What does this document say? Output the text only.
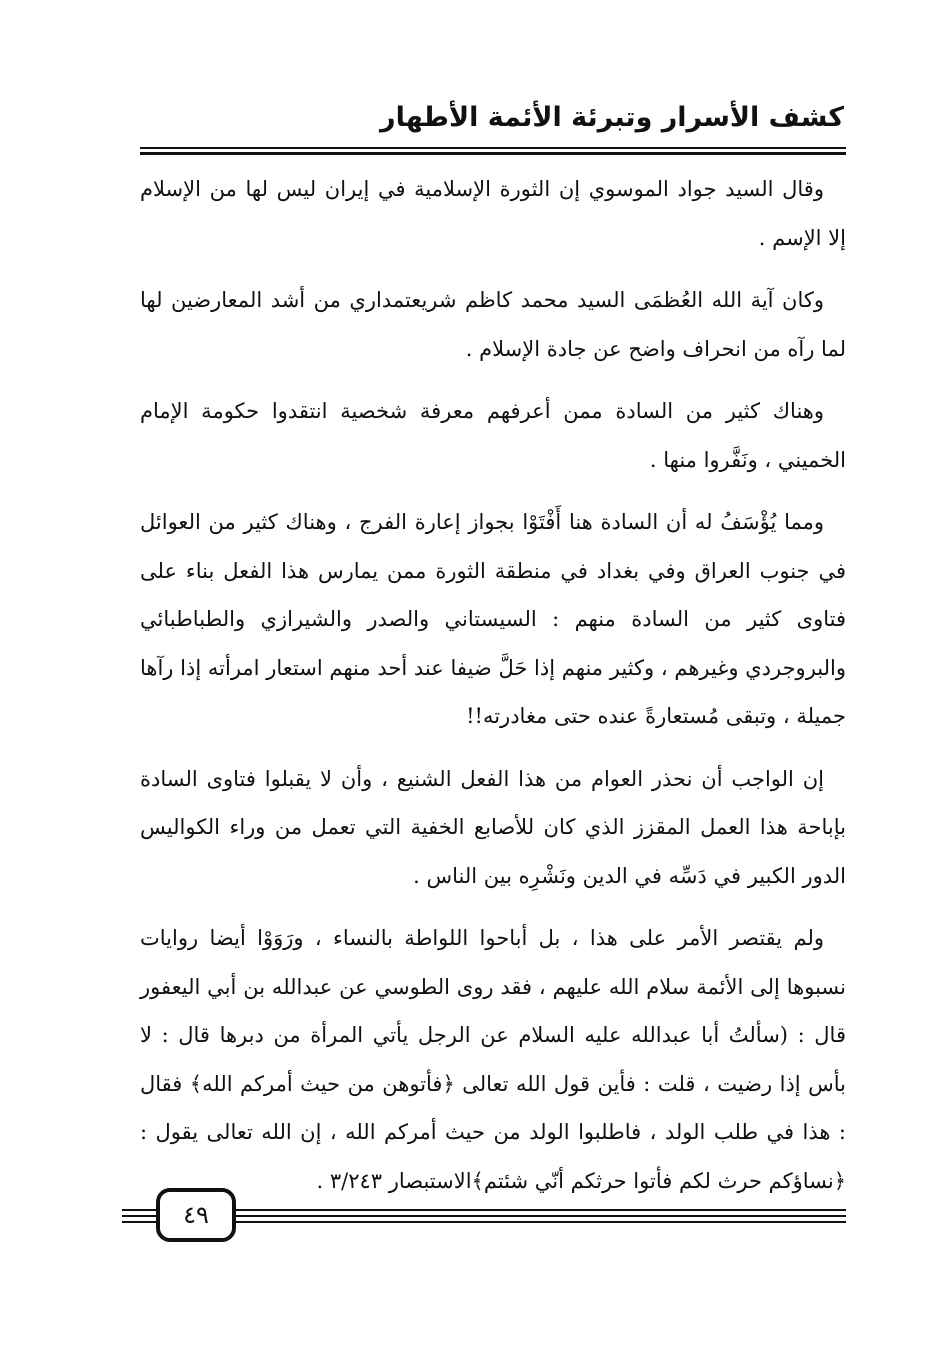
كشف الأسرار وتبرئة الأئمة الأطهار

وقال السيد جواد الموسوي إن الثورة الإسلامية في إيران ليس لها من الإسلام إلا الإسم .

وكان آية الله العُظمَى السيد محمد كاظم شريعتمداري من أشد المعارضين لها لما رآه من انحراف واضح عن جادة الإسلام .

وهناك كثير من السادة ممن أعرفهم معرفة شخصية انتقدوا حكومة الإمام الخميني ، ونَفَّروا منها .

ومما يُؤْسَفُ له أن السادة هنا أَفْتَوْا بجواز إعارة الفرج ، وهناك كثير من العوائل في جنوب العراق وفي بغداد في منطقة الثورة ممن يمارس هذا الفعل بناء على فتاوى كثير من السادة منهم : السيستاني والصدر والشيرازي والطباطبائي والبروجردي وغيرهم ، وكثير منهم إذا حَلَّ ضيفا عند أحد منهم استعار امرأته إذا رآها جميلة ، وتبقى مُستعارةً عنده حتى مغادرته!!

إن الواجب أن نحذر العوام من هذا الفعل الشنيع ، وأن لا يقبلوا فتاوى السادة بإباحة هذا العمل المقزز الذي كان للأصابع الخفية التي تعمل من وراء الكواليس الدور الكبير في دَسِّه في الدين ونَشْرِه بين الناس .

ولم يقتصر الأمر على هذا ، بل أباحوا اللواطة بالنساء ، ورَوَوْا أيضا روايات نسبوها إلى الأئمة سلام الله عليهم ، فقد روى الطوسي عن عبدالله بن أبي اليعفور قال : (سألتُ أبا عبدالله عليه السلام عن الرجل يأتي المرأة من دبرها قال : لا بأس إذا رضيت ، قلت : فأين قول الله تعالى ﴿فأتوهن من حيث أمركم الله﴾ فقال : هذا في طلب الولد ، فاطلبوا الولد من حيث أمركم الله ، إن الله تعالى يقول : ﴿نساؤكم حرث لكم فأتوا حرثكم أنّي شئتم﴾الاستبصار ٣/٢٤٣ .

٤٩
